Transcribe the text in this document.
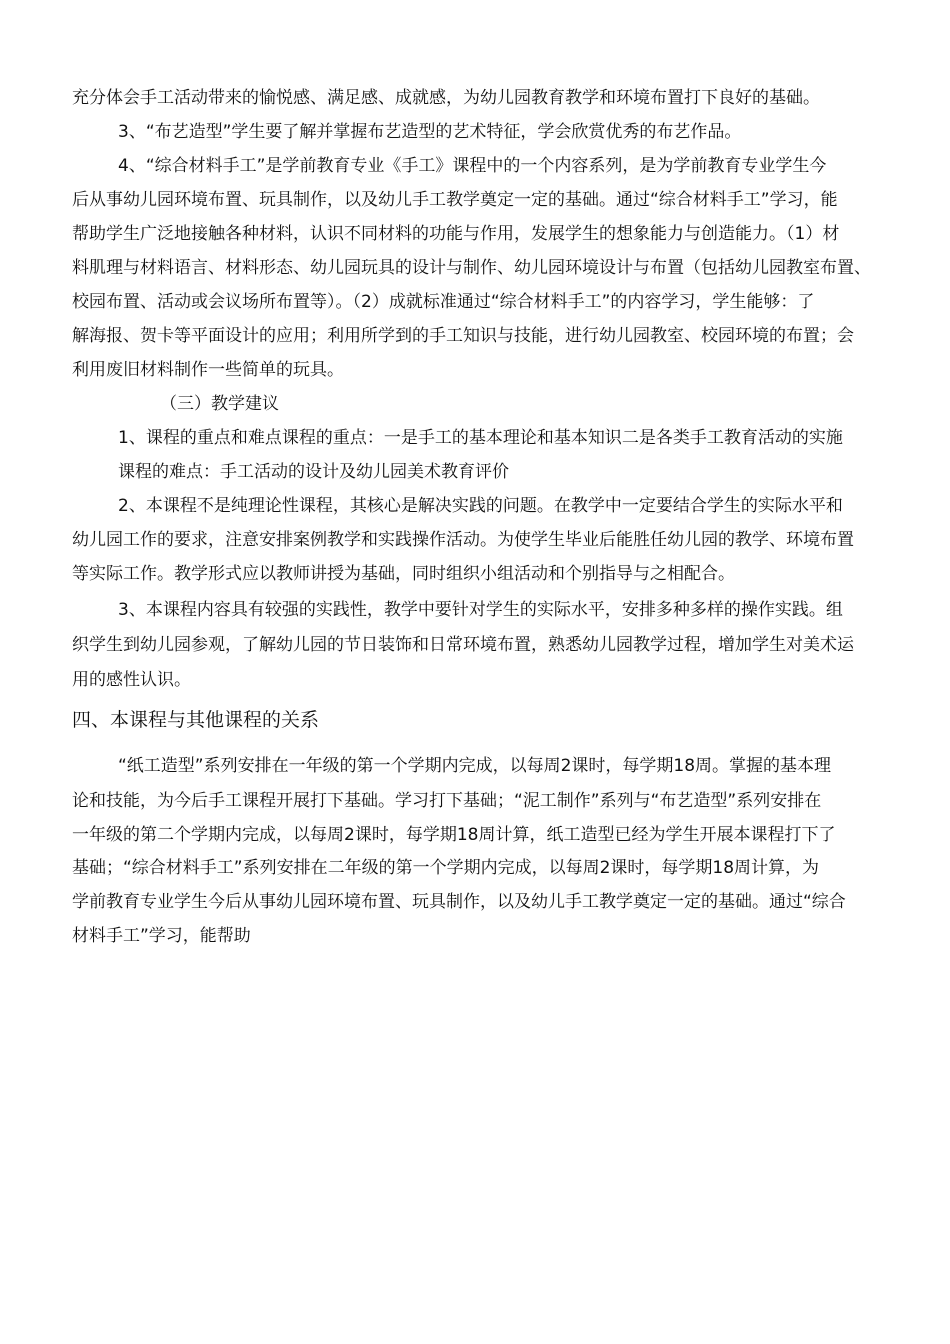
充分体会手工活动带来的愉悦感、满足感、成就感，为幼儿园教育教学和环境布置打下良好的基础。
3、“布艺造型”学生要了解并掌握布艺造型的艺术特征，学会欣赏优秀的布艺作品。
4、“综合材料手工”是学前教育专业《手工》课程中的一个内容系列，是为学前教育专业学生今
后从事幼儿园环境布置、玩具制作，以及幼儿手工教学奠定一定的基础。通过“综合材料手工”学习，能
帮助学生广泛地接触各种材料，认识不同材料的功能与作用，发展学生的想象能力与创造能力。（1）材
料肌理与材料语言、材料形态、幼儿园玩具的设计与制作、幼儿园环境设计与布置（包括幼儿园教室布置、
校园布置、活动或会议场所布置等）。（2）成就标准通过“综合材料手工”的内容学习，学生能够：了
解海报、贺卡等平面设计的应用；利用所学到的手工知识与技能，进行幼儿园教室、校园环境的布置；会
利用废旧材料制作一些简单的玩具。
（三）教学建议
1、课程的重点和难点课程的重点：一是手工的基本理论和基本知识二是各类手工教育活动的实施
课程的难点：手工活动的设计及幼儿园美术教育评价
2、本课程不是纯理论性课程，其核心是解决实践的问题。在教学中一定要结合学生的实际水平和
幼儿园工作的要求，注意安排案例教学和实践操作活动。为使学生毕业后能胜任幼儿园的教学、环境布置
等实际工作。教学形式应以教师讲授为基础，同时组织小组活动和个别指导与之相配合。
3、本课程内容具有较强的实践性，教学中要针对学生的实际水平，安排多种多样的操作实践。组
织学生到幼儿园参观，了解幼儿园的节日装饰和日常环境布置，熟悉幼儿园教学过程，增加学生对美术运
用的感性认识。
四、本课程与其他课程的关系
“纸工造型”系列安排在一年级的第一个学期内完成，以每周2课时，每学期18周。掌握的基本理
论和技能，为今后手工课程开展打下基础。学习打下基础；“泥工制作”系列与“布艺造型”系列安排在
一年级的第二个学期内完成，以每周2课时，每学期18周计算，纸工造型已经为学生开展本课程打下了
基础；“综合材料手工”系列安排在二年级的第一个学期内完成，以每周2课时，每学期18周计算，为
学前教育专业学生今后从事幼儿园环境布置、玩具制作，以及幼儿手工教学奠定一定的基础。通过“综合
材料手工”学习，能帮助
